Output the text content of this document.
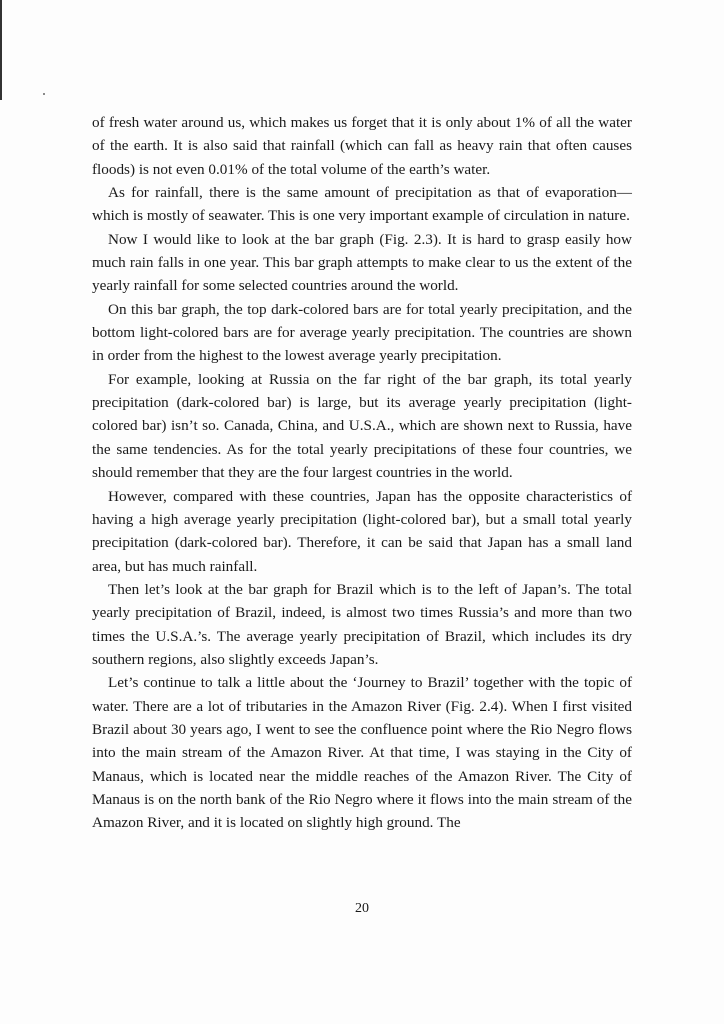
of fresh water around us, which makes us forget that it is only about 1% of all the water of the earth. It is also said that rainfall (which can fall as heavy rain that often causes floods) is not even 0.01% of the total volume of the earth’s water.

As for rainfall, there is the same amount of precipitation as that of evaporation—which is mostly of seawater. This is one very important example of circulation in nature.

Now I would like to look at the bar graph (Fig. 2.3). It is hard to grasp easily how much rain falls in one year. This bar graph attempts to make clear to us the extent of the yearly rainfall for some selected countries around the world.

On this bar graph, the top dark-colored bars are for total yearly precipitation, and the bottom light-colored bars are for average yearly precipitation. The countries are shown in order from the highest to the lowest average yearly precipitation.

For example, looking at Russia on the far right of the bar graph, its total yearly precipitation (dark-colored bar) is large, but its average yearly precipitation (light-colored bar) isn’t so. Canada, China, and U.S.A., which are shown next to Russia, have the same tendencies. As for the total yearly precipitations of these four countries, we should remember that they are the four largest countries in the world.

However, compared with these countries, Japan has the opposite characteristics of having a high average yearly precipitation (light-colored bar), but a small total yearly precipitation (dark-colored bar). Therefore, it can be said that Japan has a small land area, but has much rainfall.

Then let’s look at the bar graph for Brazil which is to the left of Japan’s. The total yearly precipitation of Brazil, indeed, is almost two times Russia’s and more than two times the U.S.A.’s. The average yearly precipitation of Brazil, which includes its dry southern regions, also slightly exceeds Japan’s.

Let’s continue to talk a little about the ‘Journey to Brazil’ together with the topic of water. There are a lot of tributaries in the Amazon River (Fig. 2.4). When I first visited Brazil about 30 years ago, I went to see the confluence point where the Rio Negro flows into the main stream of the Amazon River. At that time, I was staying in the City of Manaus, which is located near the middle reaches of the Amazon River. The City of Manaus is on the north bank of the Rio Negro where it flows into the main stream of the Amazon River, and it is located on slightly high ground. The

20
